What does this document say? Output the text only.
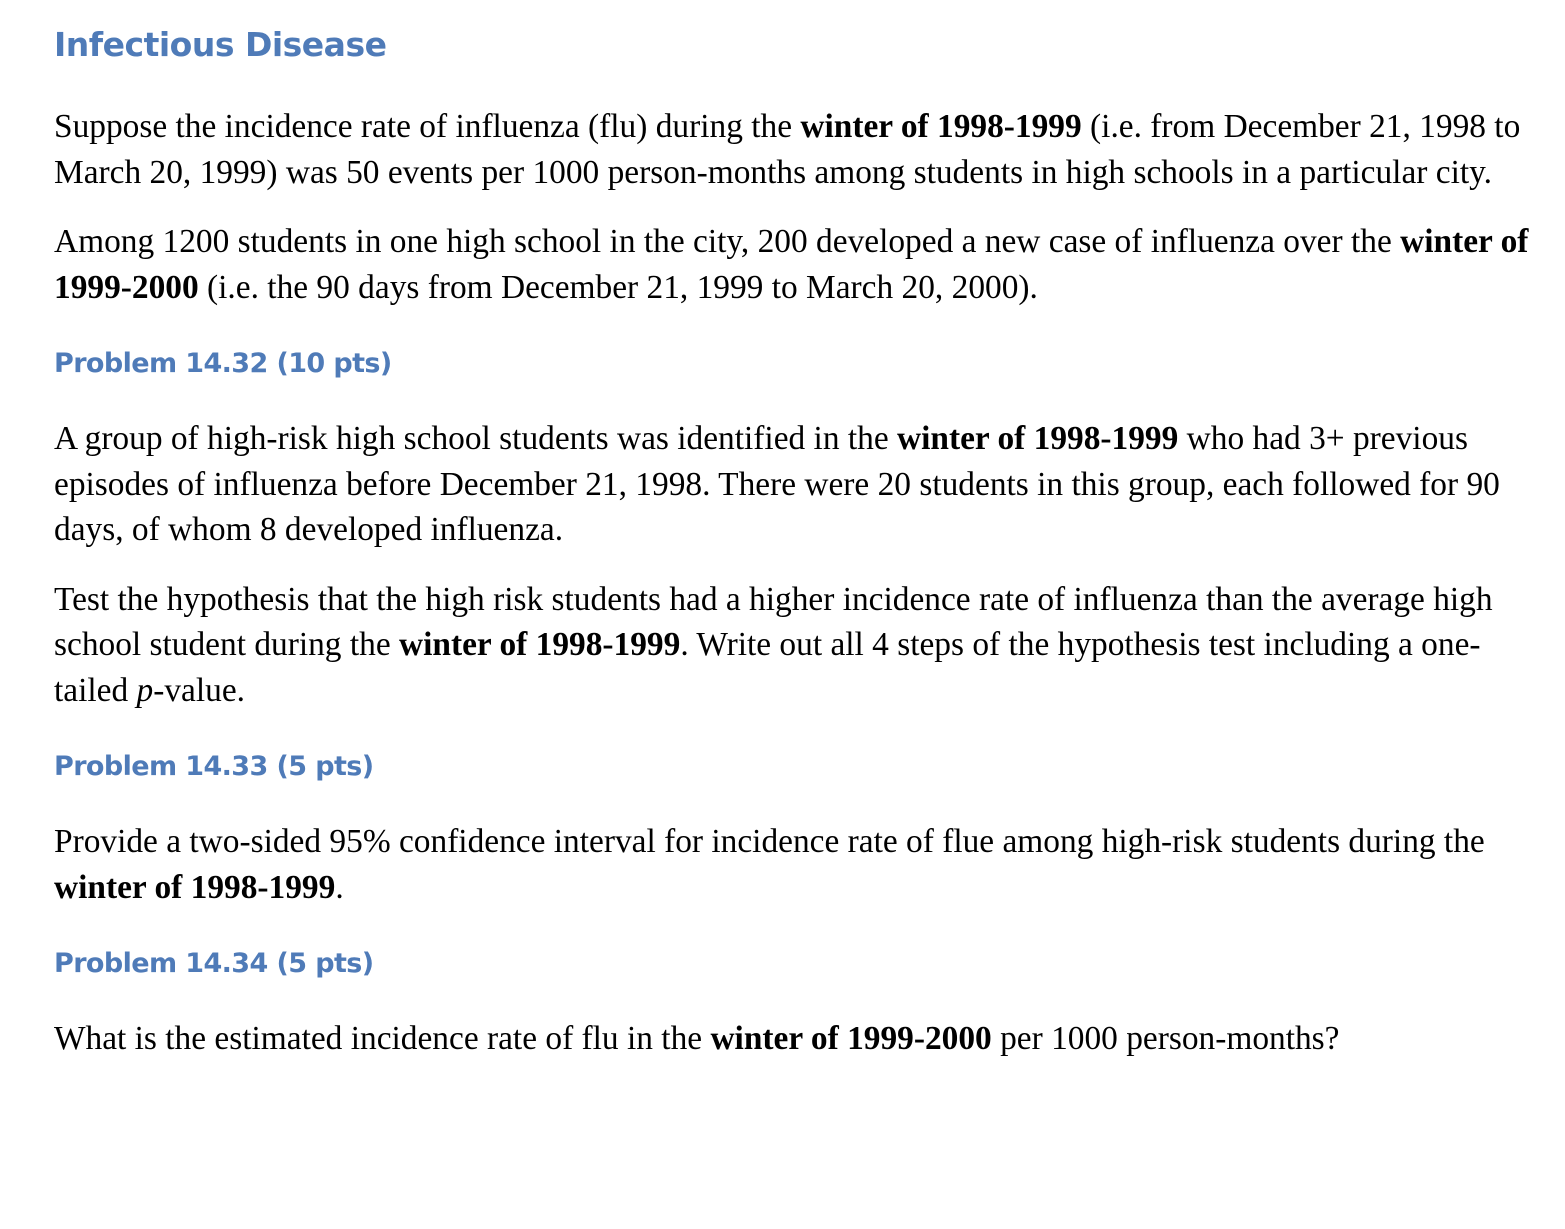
Infectious Disease

Suppose the incidence rate of influenza (flu) during the winter of 1998-1999 (i.e. from December 21, 1998 to March 20, 1999) was 50 events per 1000 person-months among students in high schools in a particular city.

Among 1200 students in one high school in the city, 200 developed a new case of influenza over the winter of 1999-2000 (i.e. the 90 days from December 21, 1999 to March 20, 2000).

Problem 14.32 (10 pts)

A group of high-risk high school students was identified in the winter of 1998-1999 who had 3+ previous episodes of influenza before December 21, 1998. There were 20 students in this group, each followed for 90 days, of whom 8 developed influenza.

Test the hypothesis that the high risk students had a higher incidence rate of influenza than the average high school student during the winter of 1998-1999. Write out all 4 steps of the hypothesis test including a one-tailed p-value.

Problem 14.33 (5 pts)

Provide a two-sided 95% confidence interval for incidence rate of flue among high-risk students during the winter of 1998-1999.

Problem 14.34 (5 pts)

What is the estimated incidence rate of flu in the winter of 1999-2000 per 1000 person-months?
